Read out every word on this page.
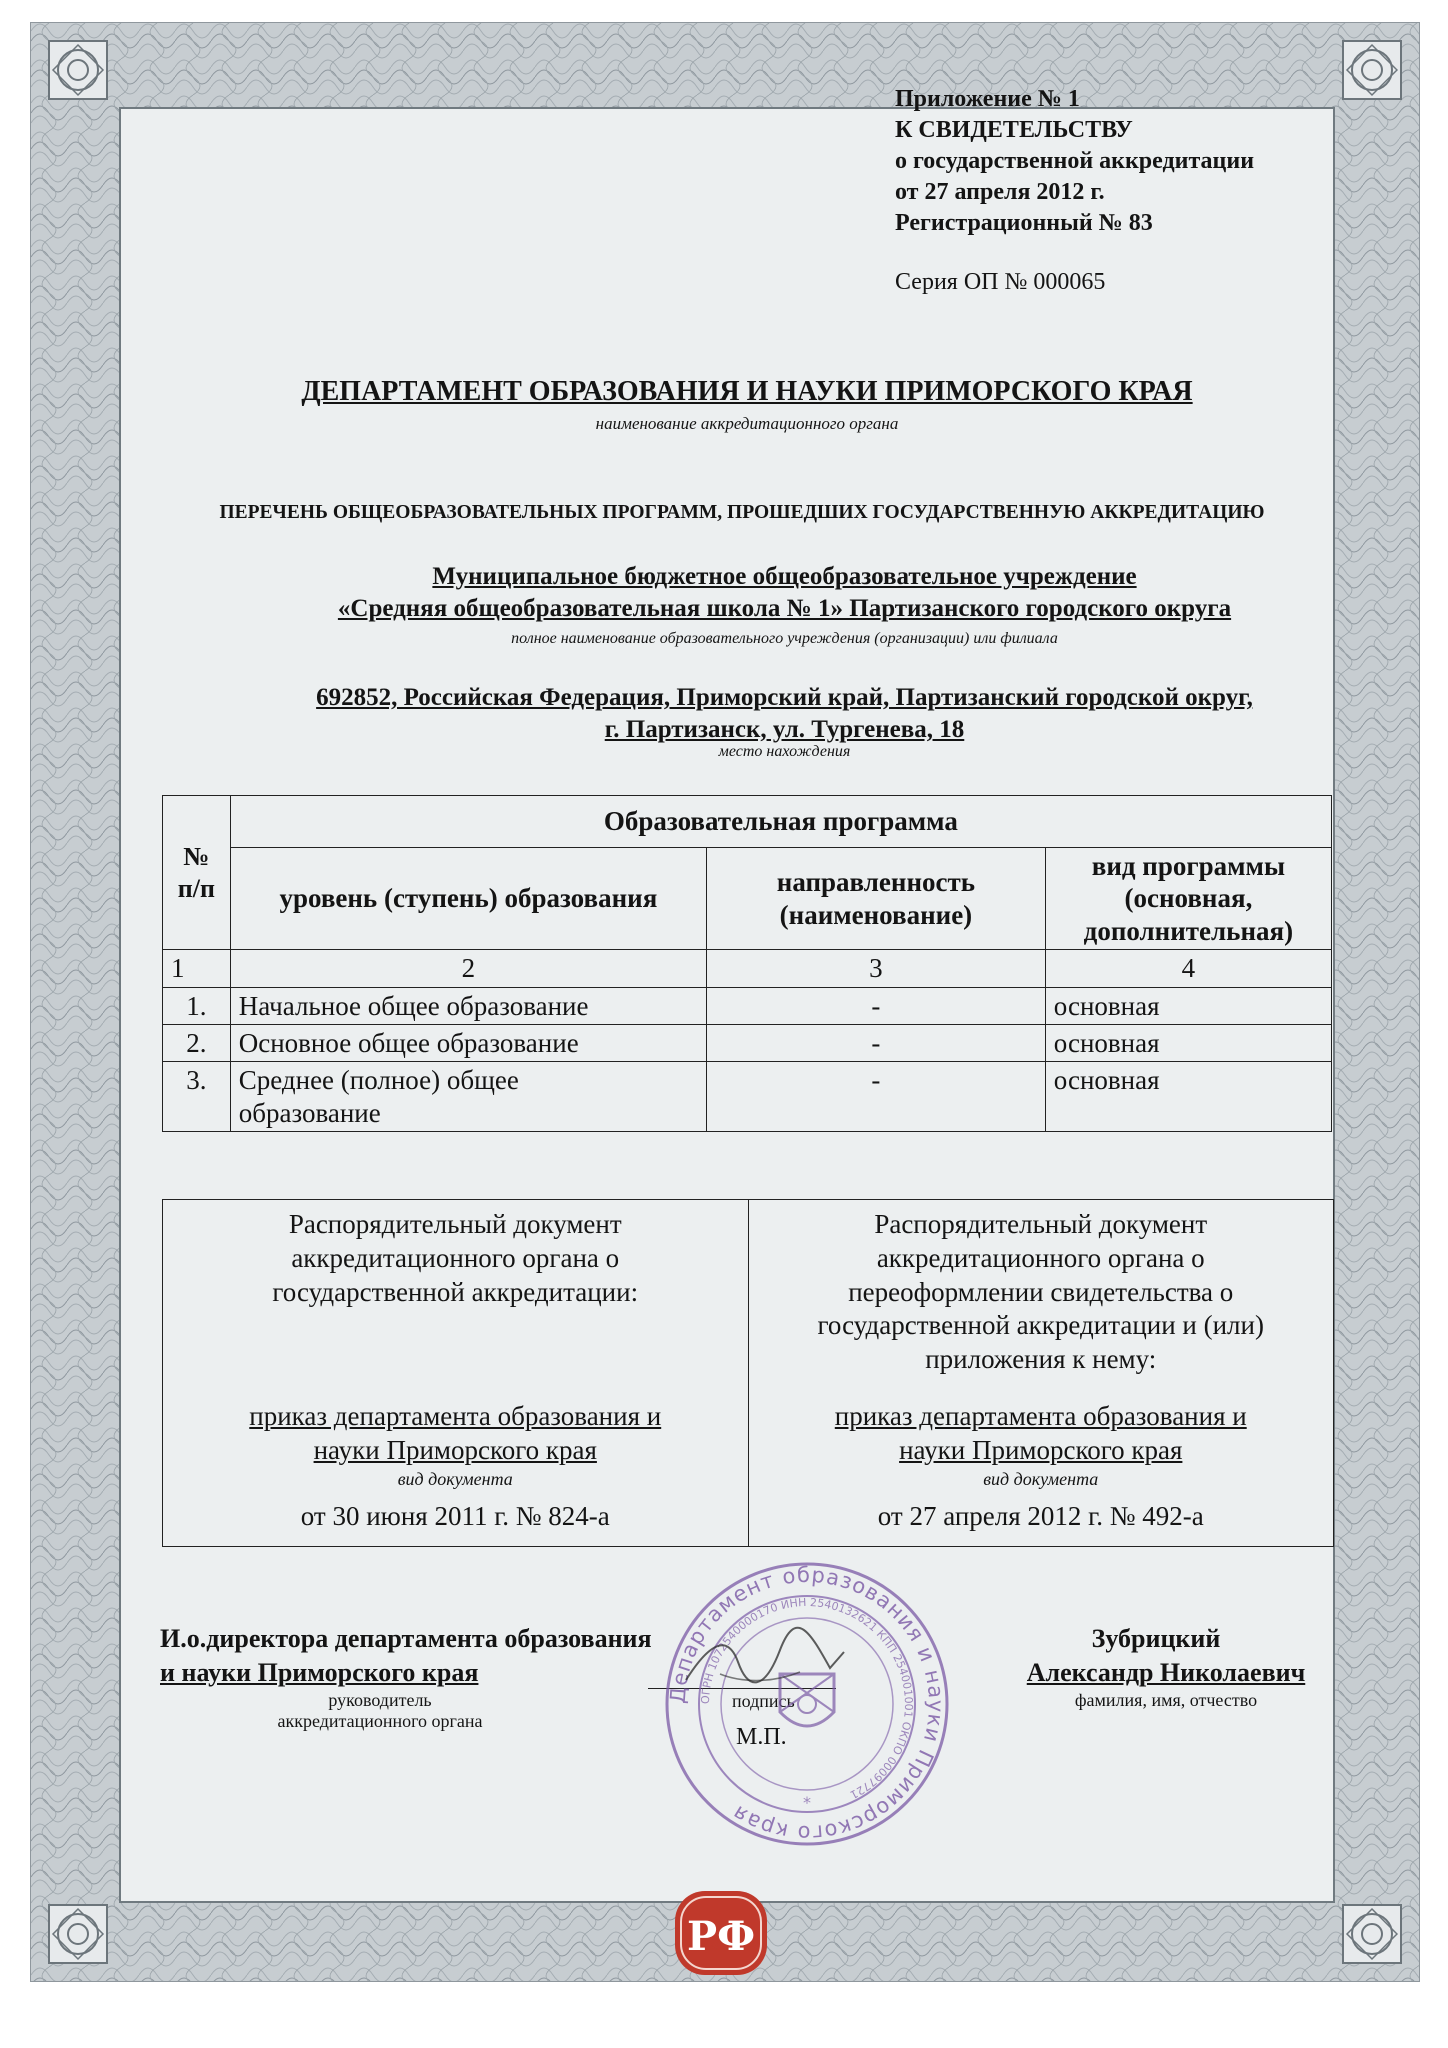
Приложение № 1
К СВИДЕТЕЛЬСТВУ
о государственной аккредитации
от 27 апреля 2012 г.
Регистрационный № 83
Серия ОП № 000065
ДЕПАРТАМЕНТ ОБРАЗОВАНИЯ И НАУКИ ПРИМОРСКОГО КРАЯ
наименование аккредитационного органа
ПЕРЕЧЕНЬ ОБЩЕОБРАЗОВАТЕЛЬНЫХ ПРОГРАММ, ПРОШЕДШИХ ГОСУДАРСТВЕННУЮ АККРЕДИТАЦИЮ
Муниципальное бюджетное общеобразовательное учреждение
«Средняя общеобразовательная школа № 1» Партизанского городского округа
полное наименование образовательного учреждения (организации) или филиала
692852, Российская Федерация, Приморский край, Партизанский городской округ,
г. Партизанск, ул. Тургенева, 18
место нахождения
№ п/п	Образовательная программа		
	уровень (ступень) образования	направленность (наименование)	вид программы (основная, дополнительная)
1	2	3	4
1.	Начальное общее образование	-	основная
2.	Основное общее образование	-	основная
3.	Среднее (полное) общее образование	-	основная
Распорядительный документ аккредитационного органа о государственной аккредитации:
приказ департамента образования и науки Приморского края
вид документа
от 30 июня 2011 г. № 824-а

Распорядительный документ аккредитационного органа о переоформлении свидетельства о государственной аккредитации и (или) приложения к нему:
приказ департамента образования и науки Приморского края
вид документа
от 27 апреля 2012 г. № 492-а
И.о.директора департамента образования
и науки Приморского края
руководитель аккредитационного органа
подпись
М.П.
Зубрицкий
Александр Николаевич
фамилия, имя, отчество
Департамент образования и науки Приморского края
ОГРН 1072540000170 ИНН 2540132621 КПП 254001001 ОКПО 00097721
*
РФ
